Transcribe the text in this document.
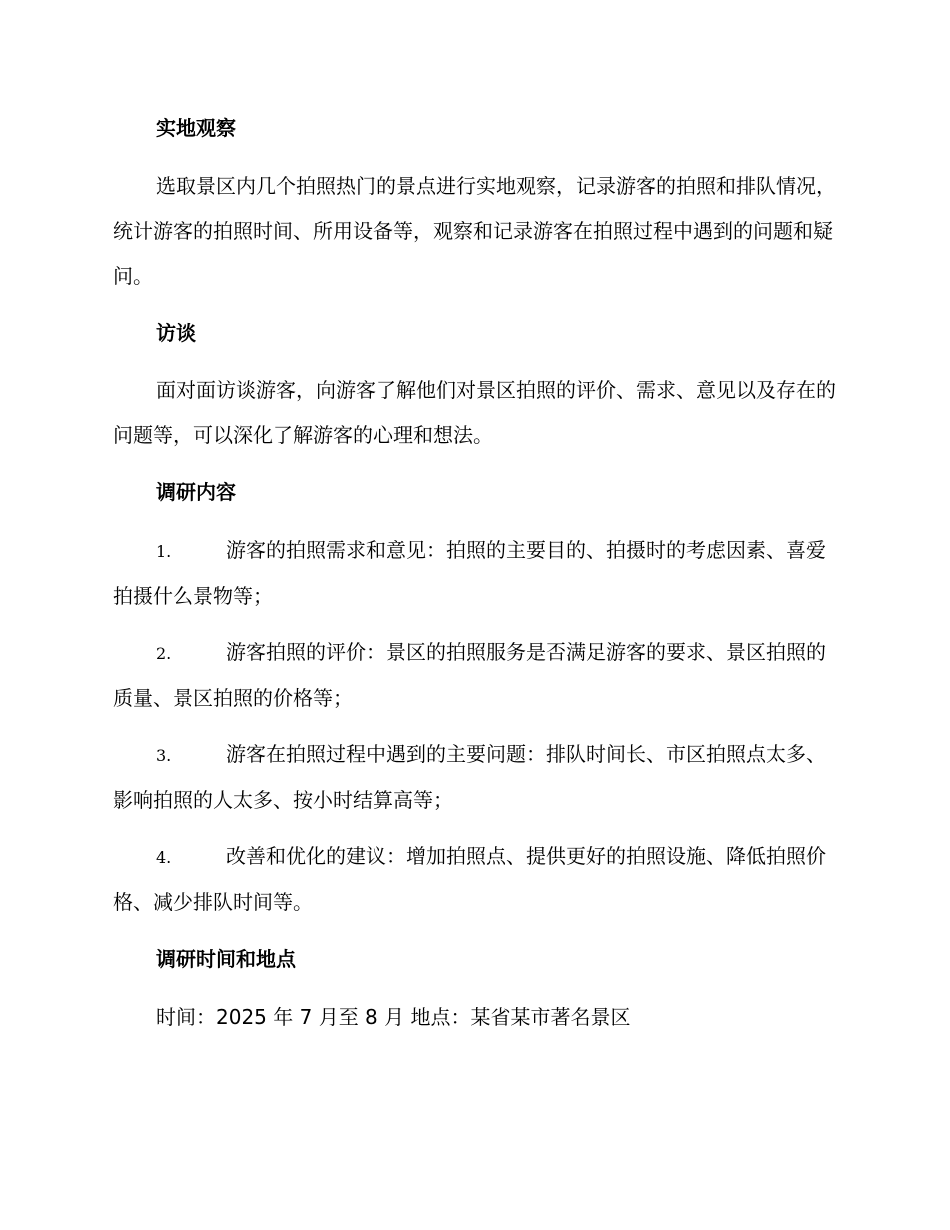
实地观察

选取景区内几个拍照热门的景点进行实地观察，记录游客的拍照和排队情况，统计游客的拍照时间、所用设备等，观察和记录游客在拍照过程中遇到的问题和疑问。

访谈

面对面访谈游客，向游客了解他们对景区拍照的评价、需求、意见以及存在的问题等，可以深化了解游客的心理和想法。

调研内容

1.	游客的拍照需求和意见：拍照的主要目的、拍摄时的考虑因素、喜爱拍摄什么景物等；

2.	游客拍照的评价：景区的拍照服务是否满足游客的要求、景区拍照的质量、景区拍照的价格等；

3.	游客在拍照过程中遇到的主要问题：排队时间长、市区拍照点太多、影响拍照的人太多、按小时结算高等；

4.	改善和优化的建议：增加拍照点、提供更好的拍照设施、降低拍照价格、减少排队时间等。

调研时间和地点
时间：2025 年 7 月至 8 月 地点：某省某市著名景区
